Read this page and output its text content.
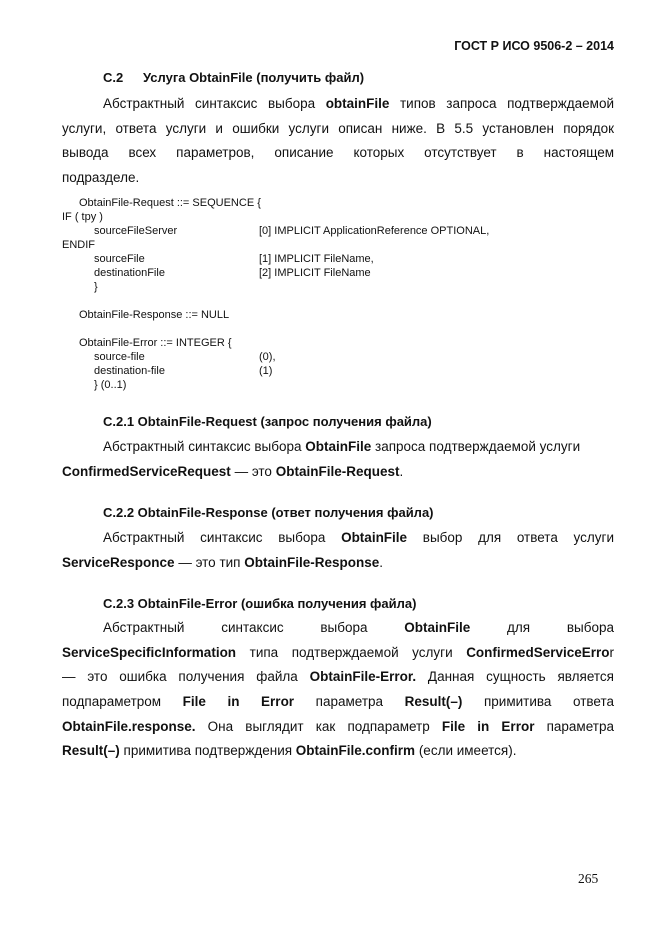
ГОСТ Р ИСО 9506-2 – 2014
C.2 Услуга ObtainFile (получить файл)
Абстрактный синтаксис выбора obtainFile типов запроса подтверждаемой
услуги, ответа услуги и ошибки услуги описан ниже. В 5.5 установлен порядок
вывода всех параметров, описание которых отсутствует в настоящем
подразделе.
ObtainFile-Request ::= SEQUENCE {
IF ( tpy )
sourceFileServer	[0] IMPLICIT ApplicationReference OPTIONAL,
ENDIF
sourceFile	[1] IMPLICIT FileName,
destinationFile	[2] IMPLICIT FileName
}
ObtainFile-Response ::= NULL
ObtainFile-Error ::= INTEGER {
source-file	(0),
destination-file	(1)
} (0..1)
C.2.1 ObtainFile-Request (запрос получения файла)
Абстрактный синтаксис выбора ObtainFile запроса подтверждаемой услуги
ConfirmedServiceRequest — это ObtainFile-Request.
C.2.2 ObtainFile-Response (ответ получения файла)
Абстрактный синтаксис выбора ObtainFile выбор для ответа услуги
ServiceResponce — это тип ObtainFile-Response.
C.2.3 ObtainFile-Error (ошибка получения файла)
Абстрактный синтаксис выбора ObtainFile для выбора
ServiceSpecificInformation типа подтверждаемой услуги ConfirmedServiceError
— это ошибка получения файла ObtainFile-Error. Данная сущность является
подпараметром File in Error параметра Result(–) примитива ответа
ObtainFile.response. Она выглядит как подпараметр File in Error параметра
Result(–) примитива подтверждения ObtainFile.confirm (если имеется).
265
